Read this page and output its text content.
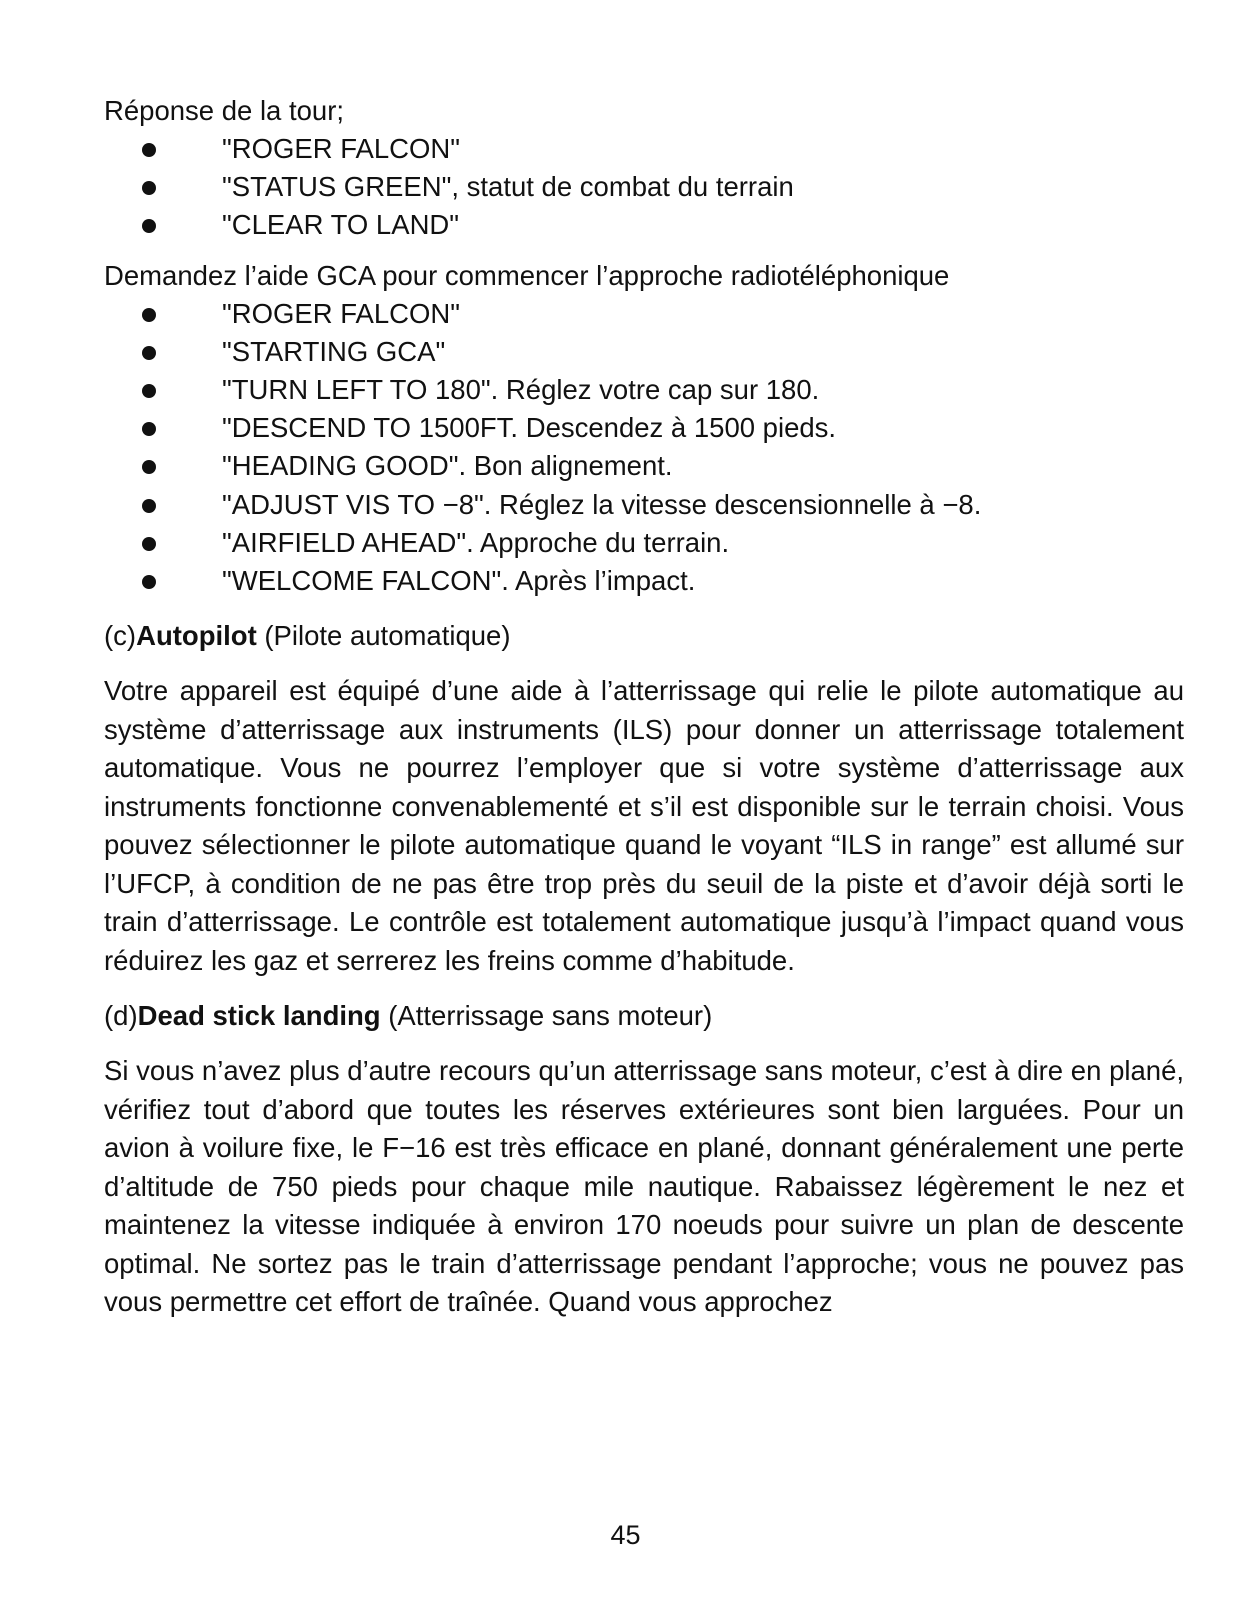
Réponse de la tour;

"ROGER FALCON"
"STATUS GREEN", statut de combat du terrain
"CLEAR TO LAND"

Demandez l’aide GCA pour commencer l’approche radiotéléphonique

"ROGER FALCON"
"STARTING GCA"
"TURN LEFT TO 180". Réglez votre cap sur 180.
"DESCEND TO 1500FT. Descendez à 1500 pieds.
"HEADING GOOD". Bon alignement.
"ADJUST VIS TO −8". Réglez la vitesse descensionnelle à −8.
"AIRFIELD AHEAD". Approche du terrain.
"WELCOME FALCON". Après l’impact.

(c)Autopilot (Pilote automatique)

Votre appareil est équipé d’une aide à l’atterrissage qui relie le pilote automatique au système d’atterrissage aux instruments (ILS) pour donner un atterrissage totalement automatique. Vous ne pourrez l’employer que si votre système d’atterrissage aux instruments fonctionne convenablementé et s’il est disponible sur le terrain choisi. Vous pouvez sélectionner le pilote automatique quand le voyant “ILS in range” est allumé sur l’UFCP, à condition de ne pas être trop près du seuil de la piste et d’avoir déjà sorti le train d’atterrissage. Le contrôle est totalement automatique jusqu’à l’impact quand vous réduirez les gaz et serrerez les freins comme d’habitude.

(d)Dead stick landing (Atterrissage sans moteur)

Si vous n’avez plus d’autre recours qu’un atterrissage sans moteur, c’est à dire en plané, vérifiez tout d’abord que toutes les réserves extérieures sont bien larguées. Pour un avion à voilure fixe, le F−16 est très efficace en plané, donnant généralement une perte d’altitude de 750 pieds pour chaque mile nautique. Rabaissez légèrement le nez et maintenez la vitesse indiquée à environ 170 noeuds pour suivre un plan de descente optimal. Ne sortez pas le train d’atterrissage pendant l’approche; vous ne pouvez pas vous permettre cet effort de traînée. Quand vous approchez

45
